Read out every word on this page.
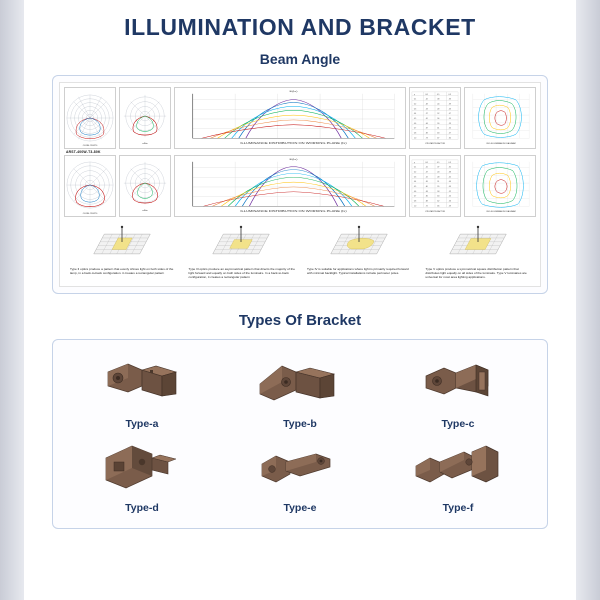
ILLUMINATION AND BRACKET
Beam Angle
C0/180 C90/270
cd/klm	ILLUMINANCE DISTRIBUTION ON WORKING PLANE (lx)
E(lx)
ρ	0.8	0.5	0.3
0.1	.42	.38	.33
0.2	.48	.44	.39
0.3	.53	.49	.43
0.4	.57	.52	.47
0.5	.61	.56	.50
0.6	.64	.59	.53
0.7	.67	.61	.55
0.8	.69	.63	.57
1.0	.73	.67	.60
UTILIZATION FACTOR	ISO-ILLUMINANCE DIAGRAM
ARST-400W-T3-80K
C0/180 C90/270
cd/klm	ILLUMINANCE DISTRIBUTION ON WORKING PLANE (lx)
E(lx)
ρ	0.8	0.5	0.3
0.1	.41	.37	.32
0.2	.47	.43	.38
0.3	.52	.48	.42
0.4	.56	.51	.46
0.5	.60	.55	.49
0.6	.63	.58	.52
0.7	.66	.60	.54
0.8	.68	.62	.56
1.0	.72	.66	.59
UTILIZATION FACTOR	ISO-ILLUMINANCE DIAGRAM
Type II optics produce a pattern that evenly shines light on both sides of the lamp, in a back-to-back configuration. it creates a rectangular pattern
Type III optics produce an asymmetrical pattern that directs the majority of the light forward and equally on both sides of the luminaire. In a back-to-back configuration, it creates a rectangular pattern
Type IV is suitable for applications where light is primarily required forward with minimal backlight. Typical installations include perimeter poles.
Type V optics produce a symmetrical square distribution pattern that distributes light equally on all sides of the luminaire. Type V luminaires are universal for most area lighting applications.
Types Of Bracket
Type-a	Type-b	Type-c
Type-d	Type-e	Type-f
